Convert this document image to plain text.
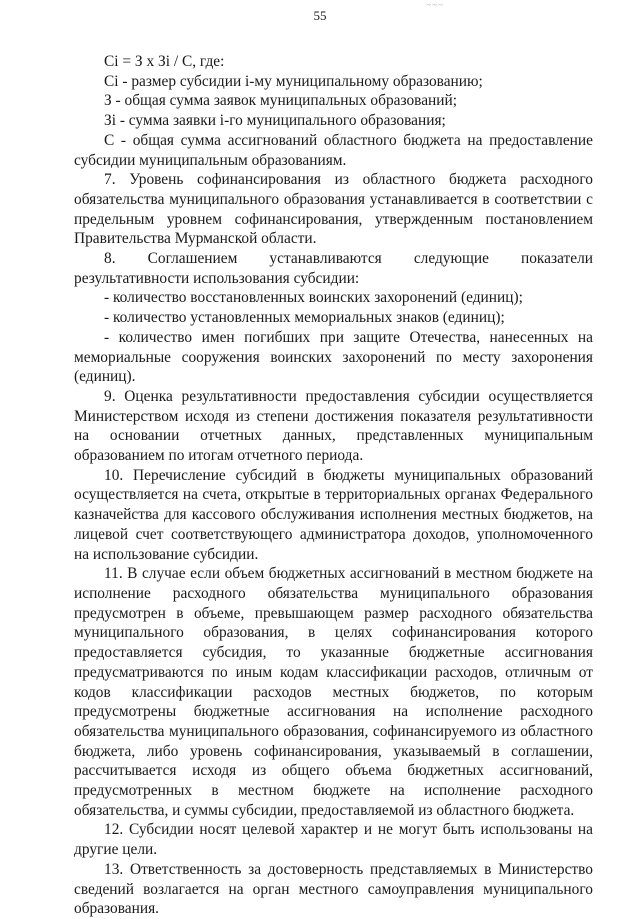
55
~~~

Ci = З x Зi / С, где:

Ci - размер субсидии i-му муниципальному образованию;

З - общая сумма заявок муниципальных образований;

Зi - сумма заявки i-го муниципального образования;

С - общая сумма ассигнований областного бюджета на предоставление субсидии муниципальным образованиям.

7. Уровень софинансирования из областного бюджета расходного обязательства муниципального образования устанавливается в соответствии с предельным уровнем софинансирования, утвержденным постановлением Правительства Мурманской области.

8. Соглашением устанавливаются следующие показатели результативности использования субсидии:

- количество восстановленных воинских захоронений (единиц);

- количество установленных мемориальных знаков (единиц);

- количество имен погибших при защите Отечества, нанесенных на мемориальные сооружения воинских захоронений по месту захоронения (единиц).

9. Оценка результативности предоставления субсидии осуществляется Министерством исходя из степени достижения показателя результативности на основании отчетных данных, представленных муниципальным образованием по итогам отчетного периода.

10. Перечисление субсидий в бюджеты муниципальных образований осуществляется на счета, открытые в территориальных органах Федерального казначейства для кассового обслуживания исполнения местных бюджетов, на лицевой счет соответствующего администратора доходов, уполномоченного на использование субсидии.

11. В случае если объем бюджетных ассигнований в местном бюджете на исполнение расходного обязательства муниципального образования предусмотрен в объеме, превышающем размер расходного обязательства муниципального образования, в целях софинансирования которого предоставляется субсидия, то указанные бюджетные ассигнования предусматриваются по иным кодам классификации расходов, отличным от кодов классификации расходов местных бюджетов, по которым предусмотрены бюджетные ассигнования на исполнение расходного обязательства муниципального образования, софинансируемого из областного бюджета, либо уровень софинансирования, указываемый в соглашении, рассчитывается исходя из общего объема бюджетных ассигнований, предусмотренных в местном бюджете на исполнение расходного обязательства, и суммы субсидии, предоставляемой из областного бюджета.

12. Субсидии носят целевой характер и не могут быть использованы на другие цели.

13. Ответственность за достоверность представляемых в Министерство сведений возлагается на орган местного самоуправления муниципального образования.
